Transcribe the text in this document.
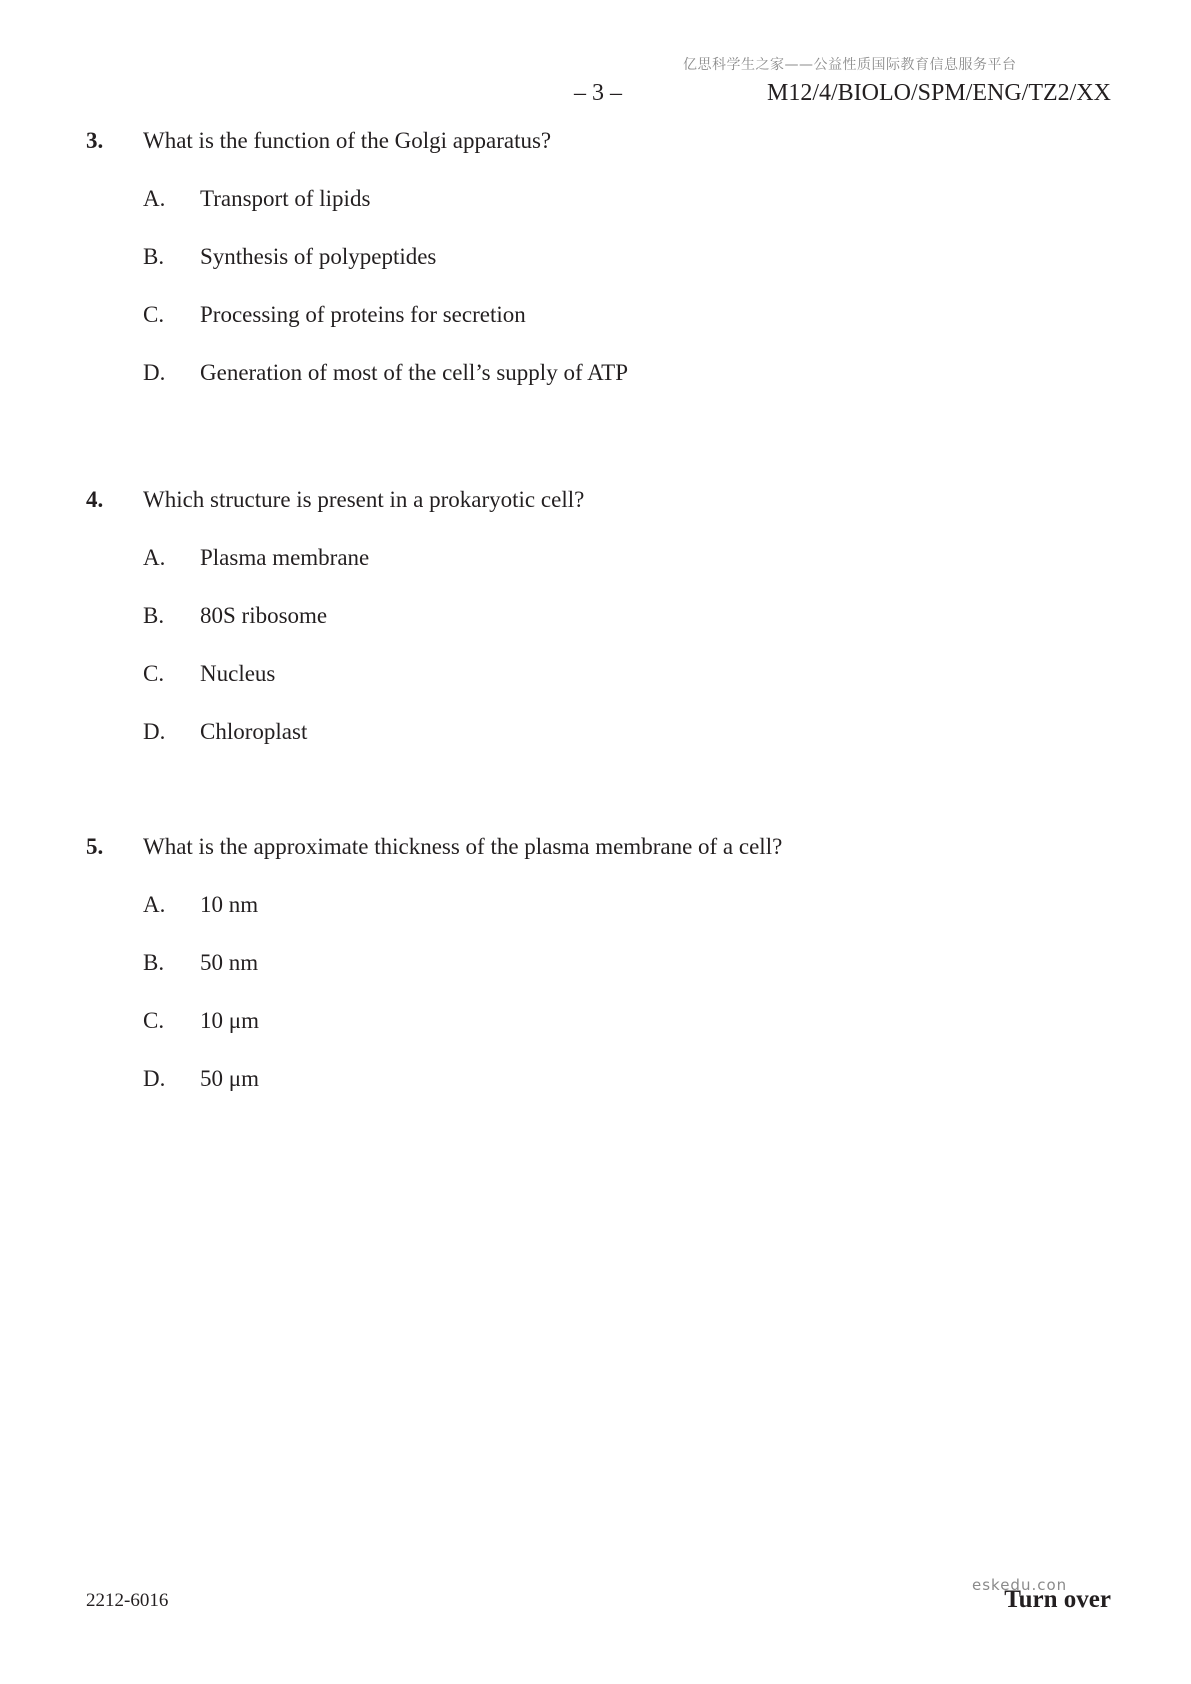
亿思科学生之家——公益性质国际教育信息服务平台
– 3 –	M12/4/BIOLO/SPM/ENG/TZ2/XX
3. What is the function of the Golgi apparatus?
A. Transport of lipids
B. Synthesis of polypeptides
C. Processing of proteins for secretion
D. Generation of most of the cell’s supply of ATP
4. Which structure is present in a prokaryotic cell?
A. Plasma membrane
B. 80S ribosome
C. Nucleus
D. Chloroplast
5. What is the approximate thickness of the plasma membrane of a cell?
A. 10 nm
B. 50 nm
C. 10 μm
D. 50 μm
2212-6016	Turn over
eskedu.con
